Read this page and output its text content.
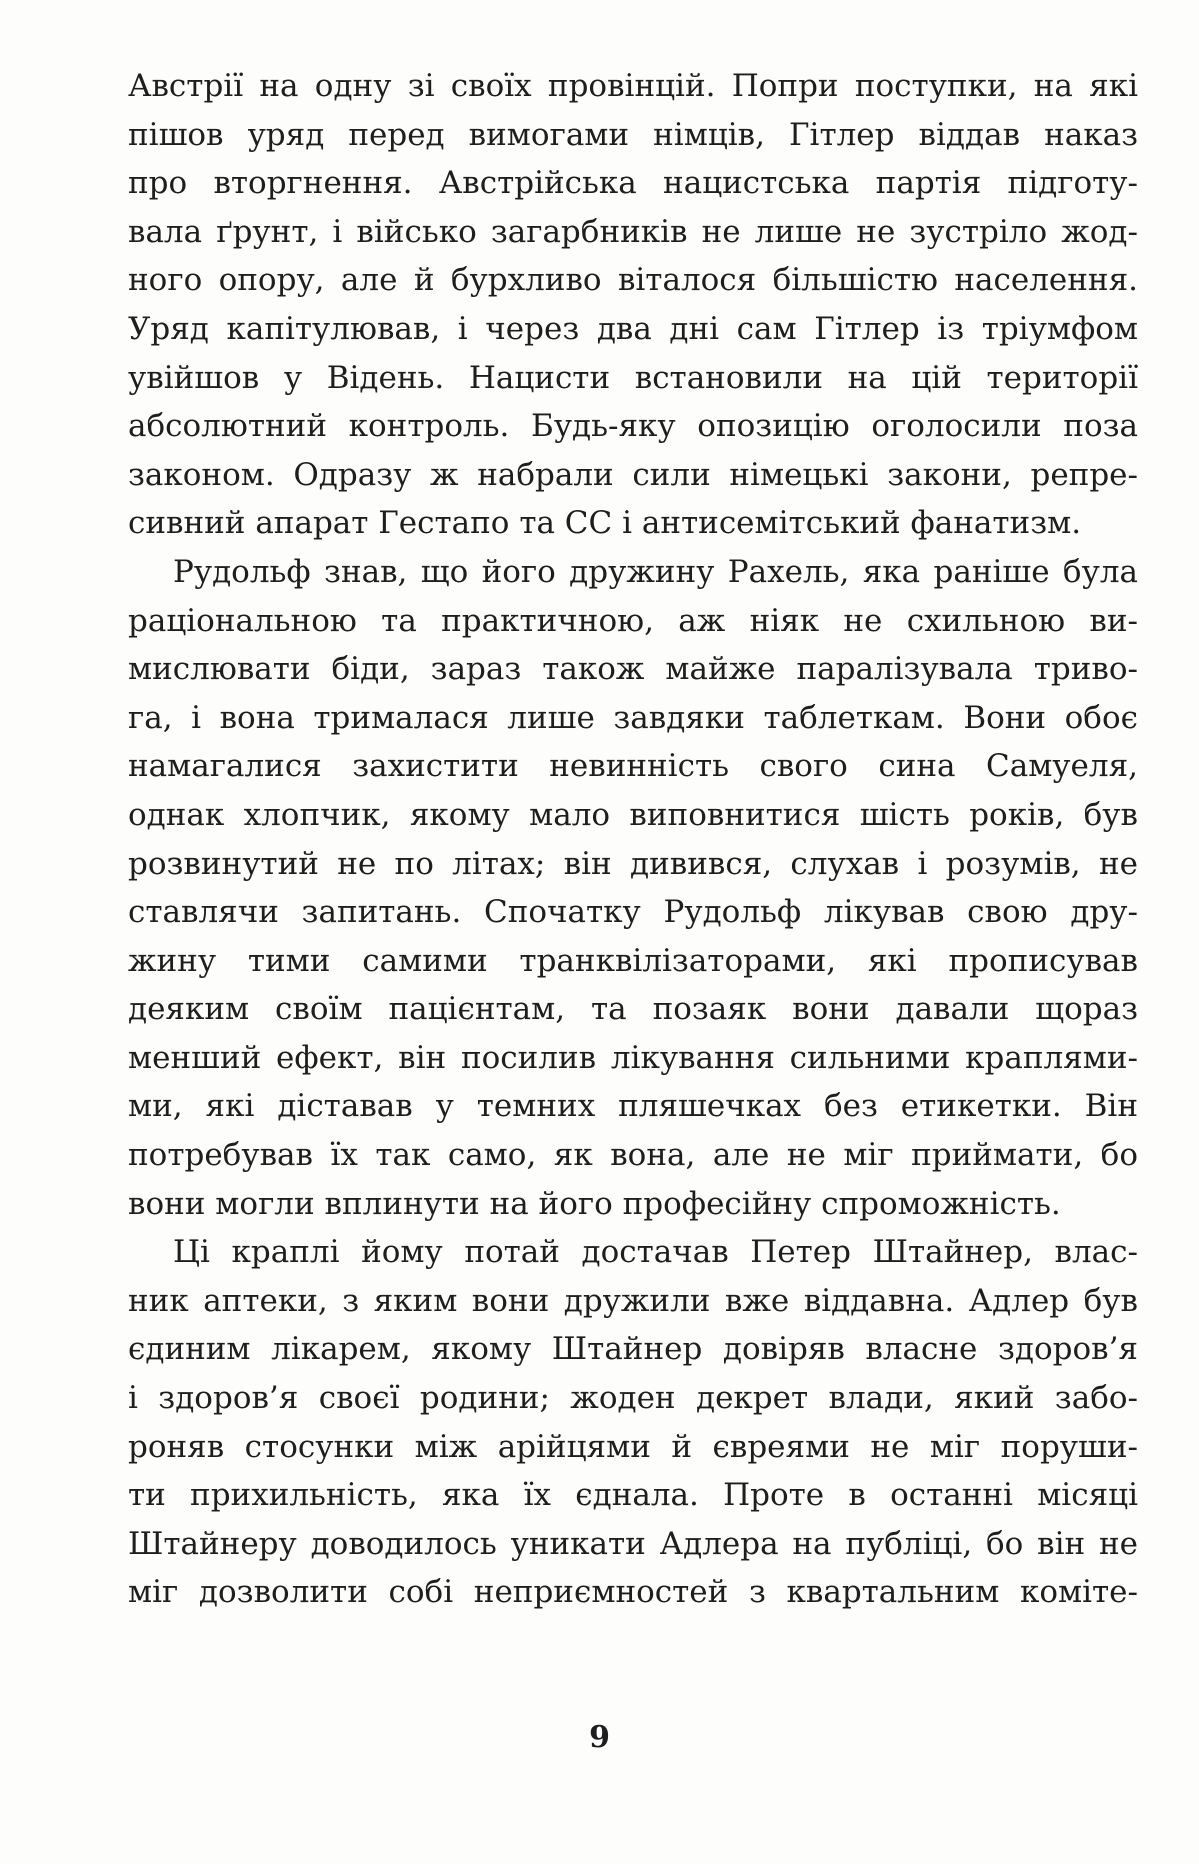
Австрії на одну зі своїх провінцій. Попри поступки, на які
пішов уряд перед вимогами німців, Гітлер віддав наказ
про вторгнення. Австрійська нацистська партія підготу-
вала ґрунт, і військо загарбників не лише не зустріло жод-
ного опору, але й бурхливо віталося більшістю населення.
Уряд капітулював, і через два дні сам Гітлер із тріумфом
увійшов у Відень. Нацисти встановили на цій території
абсолютний контроль. Будь-яку опозицію оголосили поза
законом. Одразу ж набрали сили німецькі закони, репре-
сивний апарат Гестапо та СС і антисемітський фанатизм.
Рудольф знав, що його дружину Рахель, яка раніше була
раціональною та практичною, аж ніяк не схильною ви-
мислювати біди, зараз також майже паралізувала триво-
га, і вона трималася лише завдяки таблеткам. Вони обоє
намагалися захистити невинність свого сина Самуеля,
однак хлопчик, якому мало виповнитися шість років, був
розвинутий не по літах; він дивився, слухав і розумів, не
ставлячи запитань. Спочатку Рудольф лікував свою дру-
жину тими самими транквілізаторами, які прописував
деяким своїм пацієнтам, та позаяк вони давали щораз
менший ефект, він посилив лікування сильними краплями-
ми, які діставав у темних пляшечках без етикетки. Він
потребував їх так само, як вона, але не міг приймати, бо
вони могли вплинути на його професійну спроможність.
Ці краплі йому потай достачав Петер Штайнер, влас-
ник аптеки, з яким вони дружили вже віддавна. Адлер був
єдиним лікарем, якому Штайнер довіряв власне здоров’я
і здоров’я своєї родини; жоден декрет влади, який забо-
роняв стосунки між арійцями й євреями не міг поруши-
ти прихильність, яка їх єднала. Проте в останні місяці
Штайнеру доводилось уникати Адлера на публіці, бо він не
міг дозволити собі неприємностей з квартальним коміте-
9
